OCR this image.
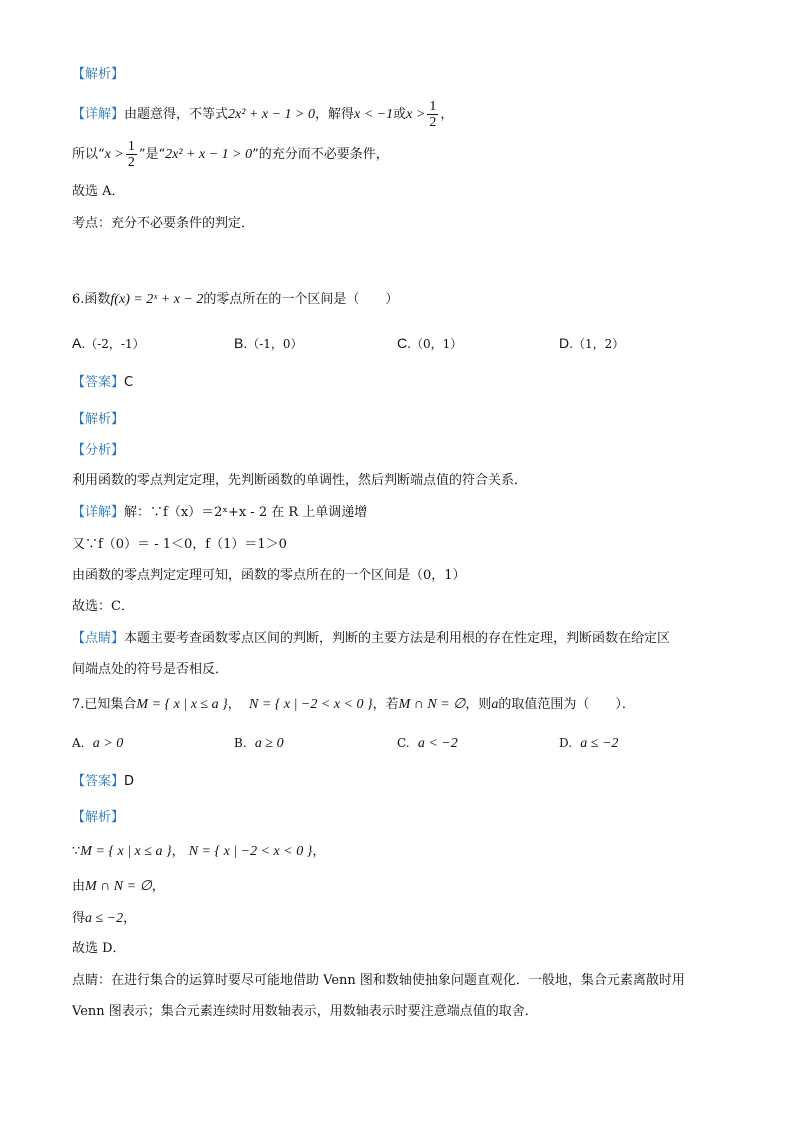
【解析】
【详解】由题意得，不等式2x² + x − 1 > 0，解得x < −1或$x > \frac{1}{2}$ ，
所以“$x > \frac{1}{2}$ ”是“2x² + x − 1 > 0”的充分而不必要条件，
故选 A．
考点：充分不必要条件的判定．
6.函数f(x) = 2ˣ + x − 2的零点所在的一个区间是（　　）
A.（-2，-1）	B.（-1，0）	C.（0，1）	D.（1，2）
【答案】C
【解析】
【分析】
利用函数的零点判定定理，先判断函数的单调性，然后判断端点值的符合关系．
【详解】解：∵f（x）＝2ˣ+x - 2 在 R 上单调递增
又∵f（0）＝ - 1＜0，f（1）＝1＞0
由函数的零点判定定理可知，函数的零点所在的一个区间是（0，1）
故选：C．
【点睛】本题主要考查函数零点区间的判断，判断的主要方法是利用根的存在性定理，判断函数在给定区
间端点处的符号是否相反．
7.已知集合M = { x | x ≤ a }， N = { x | −2 < x < 0 }，若M ∩ N = ∅，则a的取值范围为（　　）．
A. a > 0	B. a ≥ 0	C. a < −2	D. a ≤ −2
【答案】D
【解析】
∵M = { x | x ≤ a }， N = { x | −2 < x < 0 }，
由M ∩ N = ∅，
得a ≤ −2，
故选 D．
点睛：在进行集合的运算时要尽可能地借助 Venn 图和数轴使抽象问题直观化．一般地，集合元素离散时用
Venn 图表示；集合元素连续时用数轴表示，用数轴表示时要注意端点值的取舍．
